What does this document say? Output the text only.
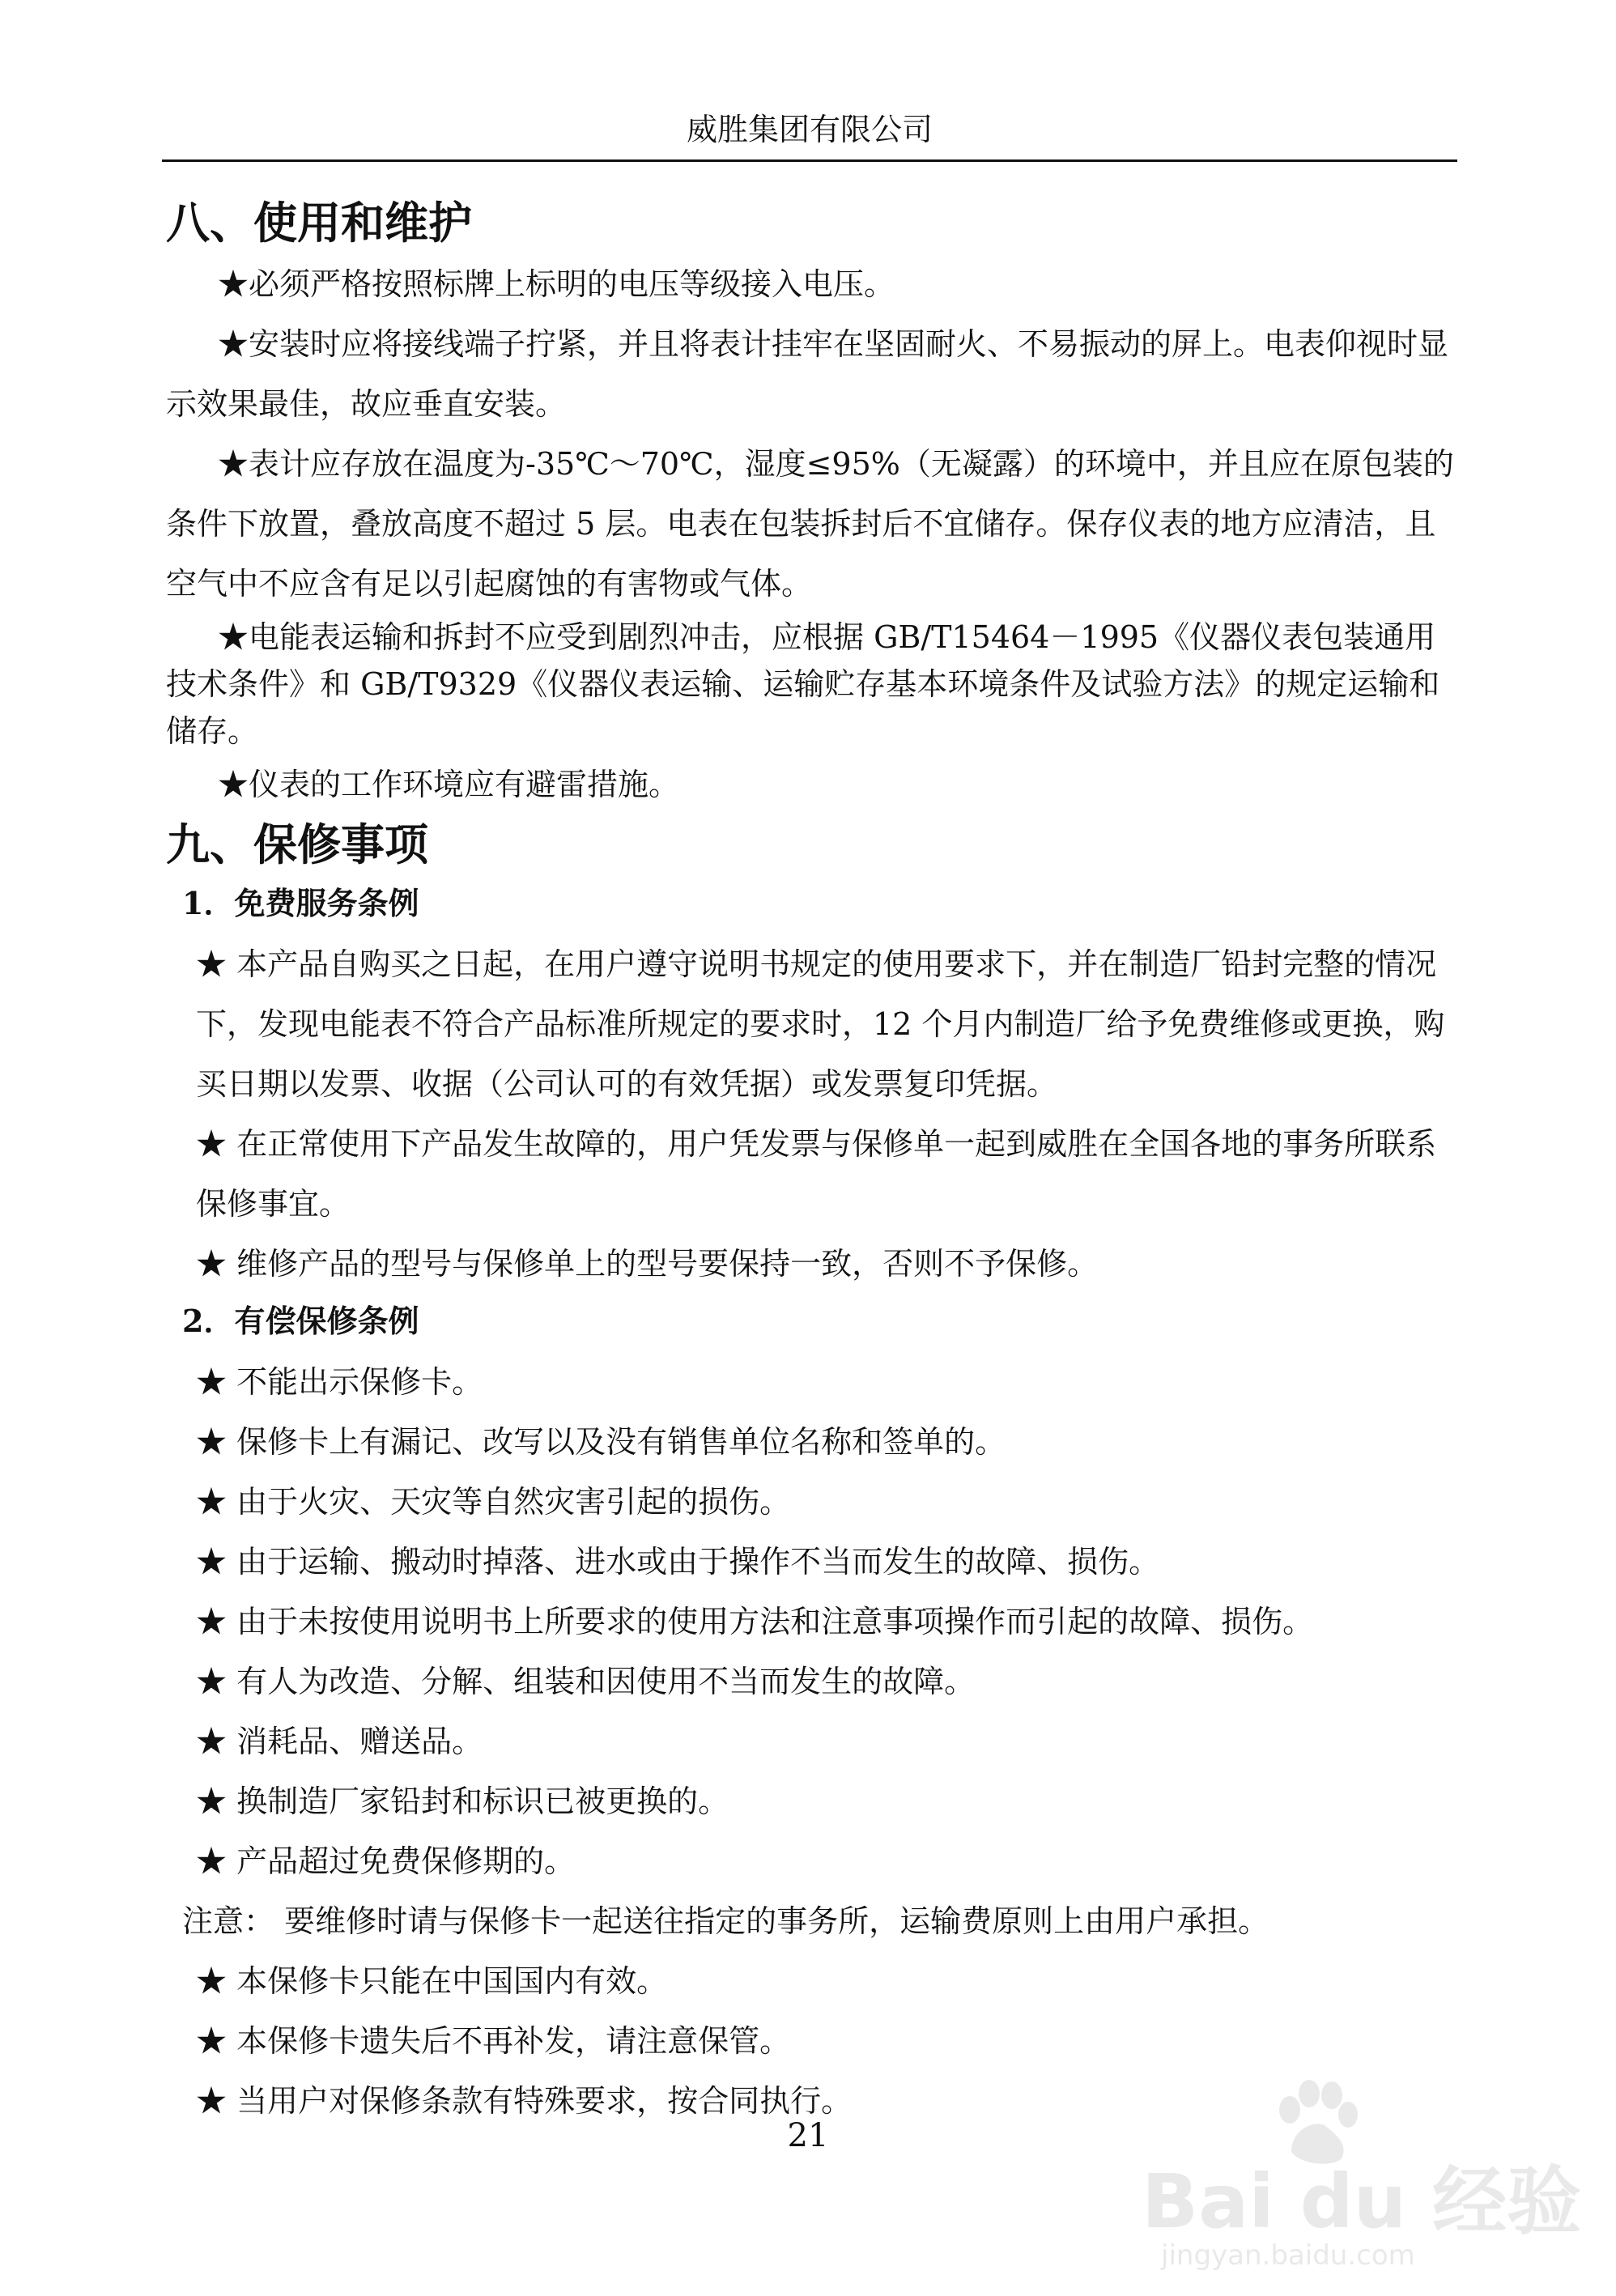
威胜集团有限公司
八、使用和维护

★必须严格按照标牌上标明的电压等级接入电压。

★安装时应将接线端子拧紧，并且将表计挂牢在坚固耐火、不易振动的屏上。电表仰视时显示效果最佳，故应垂直安装。

★表计应存放在温度为-35℃～70℃，湿度≤95%（无凝露）的环境中，并且应在原包装的条件下放置，叠放高度不超过 5 层。电表在包装拆封后不宜储存。保存仪表的地方应清洁，且空气中不应含有足以引起腐蚀的有害物或气体。

★电能表运输和拆封不应受到剧烈冲击，应根据 GB/T15464－1995《仪器仪表包装通用技术条件》和 GB/T9329《仪器仪表运输、运输贮存基本环境条件及试验方法》的规定运输和储存。

★仪表的工作环境应有避雷措施。

九、保修事项
1．免费服务条例

★ 本产品自购买之日起，在用户遵守说明书规定的使用要求下，并在制造厂铅封完整的情况下，发现电能表不符合产品标准所规定的要求时，12 个月内制造厂给予免费维修或更换，购买日期以发票、收据（公司认可的有效凭据）或发票复印凭据。

★ 在正常使用下产品发生故障的，用户凭发票与保修单一起到威胜在全国各地的事务所联系保修事宜。

★ 维修产品的型号与保修单上的型号要保持一致，否则不予保修。

2．有偿保修条例

★ 不能出示保修卡。

★ 保修卡上有漏记、改写以及没有销售单位名称和签单的。

★ 由于火灾、天灾等自然灾害引起的损伤。

★ 由于运输、搬动时掉落、进水或由于操作不当而发生的故障、损伤。

★ 由于未按使用说明书上所要求的使用方法和注意事项操作而引起的故障、损伤。

★ 有人为改造、分解、组装和因使用不当而发生的故障。

★ 消耗品、赠送品。

★ 换制造厂家铅封和标识已被更换的。

★ 产品超过免费保修期的。

注意： 要维修时请与保修卡一起送往指定的事务所，运输费原则上由用户承担。

★ 本保修卡只能在中国国内有效。

★ 本保修卡遗失后不再补发，请注意保管。

★ 当用户对保修条款有特殊要求，按合同执行。

21
Bai du 经验
jingyan.baidu.com
